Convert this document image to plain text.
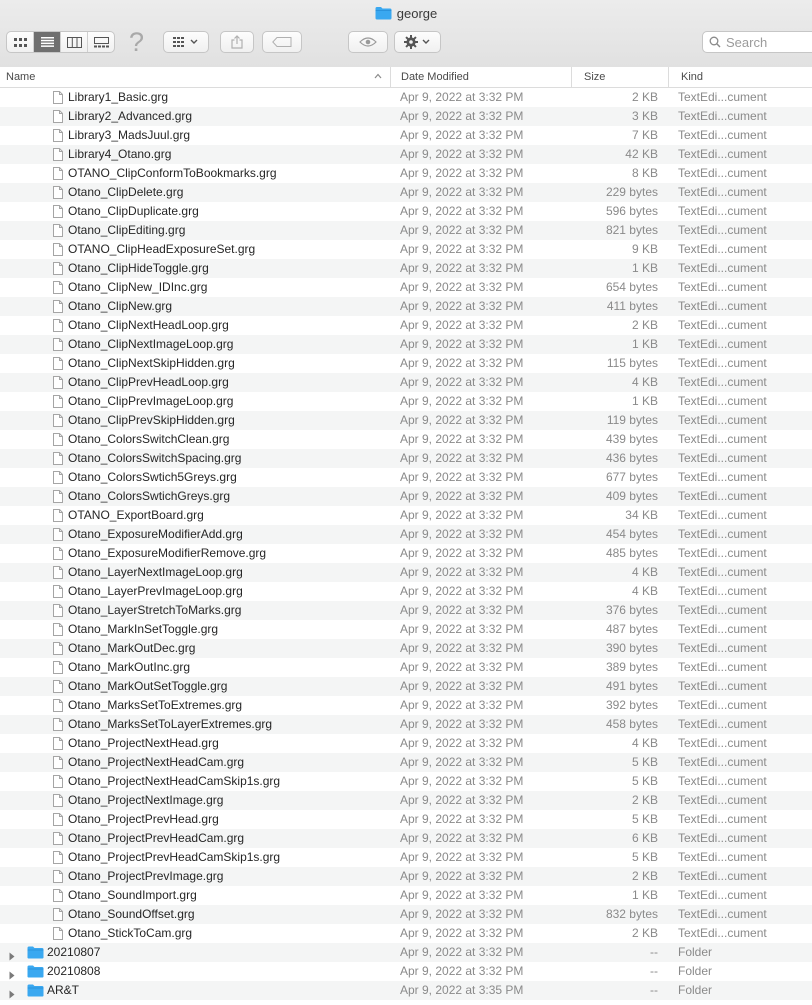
george
?	Search
Name	Date Modified	Size	Kind
Library1_Basic.grg	Apr 9, 2022 at 3:32 PM	2 KB TextEdi...cument
Library2_Advanced.grg	Apr 9, 2022 at 3:32 PM	3 KB TextEdi...cument
Library3_MadsJuul.grg	Apr 9, 2022 at 3:32 PM	7 KB TextEdi...cument
Library4_Otano.grg	Apr 9, 2022 at 3:32 PM	42 KB TextEdi...cument
OTANO_ClipConformToBookmarks.grg	Apr 9, 2022 at 3:32 PM	8 KB TextEdi...cument
Otano_ClipDelete.grg	Apr 9, 2022 at 3:32 PM	229 bytes TextEdi...cument
Otano_ClipDuplicate.grg	Apr 9, 2022 at 3:32 PM	596 bytes TextEdi...cument
Otano_ClipEditing.grg	Apr 9, 2022 at 3:32 PM	821 bytes TextEdi...cument
OTANO_ClipHeadExposureSet.grg	Apr 9, 2022 at 3:32 PM	9 KB TextEdi...cument
Otano_ClipHideToggle.grg	Apr 9, 2022 at 3:32 PM	1 KB TextEdi...cument
Otano_ClipNew_IDInc.grg	Apr 9, 2022 at 3:32 PM	654 bytes TextEdi...cument
Otano_ClipNew.grg	Apr 9, 2022 at 3:32 PM	411 bytes TextEdi...cument
Otano_ClipNextHeadLoop.grg	Apr 9, 2022 at 3:32 PM	2 KB TextEdi...cument
Otano_ClipNextImageLoop.grg	Apr 9, 2022 at 3:32 PM	1 KB TextEdi...cument
Otano_ClipNextSkipHidden.grg	Apr 9, 2022 at 3:32 PM	115 bytes TextEdi...cument
Otano_ClipPrevHeadLoop.grg	Apr 9, 2022 at 3:32 PM	4 KB TextEdi...cument
Otano_ClipPrevImageLoop.grg	Apr 9, 2022 at 3:32 PM	1 KB TextEdi...cument
Otano_ClipPrevSkipHidden.grg	Apr 9, 2022 at 3:32 PM	119 bytes TextEdi...cument
Otano_ColorsSwitchClean.grg	Apr 9, 2022 at 3:32 PM	439 bytes TextEdi...cument
Otano_ColorsSwitchSpacing.grg	Apr 9, 2022 at 3:32 PM	436 bytes TextEdi...cument
Otano_ColorsSwtich5Greys.grg	Apr 9, 2022 at 3:32 PM	677 bytes TextEdi...cument
Otano_ColorsSwtichGreys.grg	Apr 9, 2022 at 3:32 PM	409 bytes TextEdi...cument
OTANO_ExportBoard.grg	Apr 9, 2022 at 3:32 PM	34 KB TextEdi...cument
Otano_ExposureModifierAdd.grg	Apr 9, 2022 at 3:32 PM	454 bytes TextEdi...cument
Otano_ExposureModifierRemove.grg	Apr 9, 2022 at 3:32 PM	485 bytes TextEdi...cument
Otano_LayerNextImageLoop.grg	Apr 9, 2022 at 3:32 PM	4 KB TextEdi...cument
Otano_LayerPrevImageLoop.grg	Apr 9, 2022 at 3:32 PM	4 KB TextEdi...cument
Otano_LayerStretchToMarks.grg	Apr 9, 2022 at 3:32 PM	376 bytes TextEdi...cument
Otano_MarkInSetToggle.grg	Apr 9, 2022 at 3:32 PM	487 bytes TextEdi...cument
Otano_MarkOutDec.grg	Apr 9, 2022 at 3:32 PM	390 bytes TextEdi...cument
Otano_MarkOutInc.grg	Apr 9, 2022 at 3:32 PM	389 bytes TextEdi...cument
Otano_MarkOutSetToggle.grg	Apr 9, 2022 at 3:32 PM	491 bytes TextEdi...cument
Otano_MarksSetToExtremes.grg	Apr 9, 2022 at 3:32 PM	392 bytes TextEdi...cument
Otano_MarksSetToLayerExtremes.grg	Apr 9, 2022 at 3:32 PM	458 bytes TextEdi...cument
Otano_ProjectNextHead.grg	Apr 9, 2022 at 3:32 PM	4 KB TextEdi...cument
Otano_ProjectNextHeadCam.grg	Apr 9, 2022 at 3:32 PM	5 KB TextEdi...cument
Otano_ProjectNextHeadCamSkip1s.grg	Apr 9, 2022 at 3:32 PM	5 KB TextEdi...cument
Otano_ProjectNextImage.grg	Apr 9, 2022 at 3:32 PM	2 KB TextEdi...cument
Otano_ProjectPrevHead.grg	Apr 9, 2022 at 3:32 PM	5 KB TextEdi...cument
Otano_ProjectPrevHeadCam.grg	Apr 9, 2022 at 3:32 PM	6 KB TextEdi...cument
Otano_ProjectPrevHeadCamSkip1s.grg	Apr 9, 2022 at 3:32 PM	5 KB TextEdi...cument
Otano_ProjectPrevImage.grg	Apr 9, 2022 at 3:32 PM	2 KB TextEdi...cument
Otano_SoundImport.grg	Apr 9, 2022 at 3:32 PM	1 KB TextEdi...cument
Otano_SoundOffset.grg	Apr 9, 2022 at 3:32 PM	832 bytes TextEdi...cument
Otano_StickToCam.grg	Apr 9, 2022 at 3:32 PM	2 KB TextEdi...cument
20210807	Apr 9, 2022 at 3:32 PM	-- Folder
20210808	Apr 9, 2022 at 3:32 PM	-- Folder
AR&T	Apr 9, 2022 at 3:35 PM	-- Folder
